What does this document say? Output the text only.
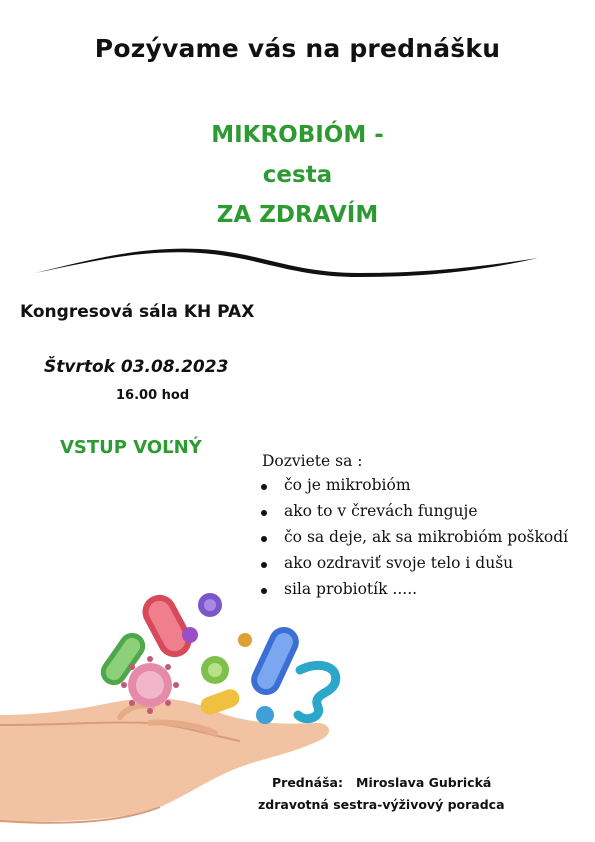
Pozývame vás na prednášku
MIKROBIÓM -
cesta
ZA ZDRAVÍM
Kongresová sála KH PAX
Štvrtok 03.08.2023
16.00 hod
VSTUP VOĽNÝ
Dozviete sa :
čo je mikrobióm
ako to v črevách funguje
čo sa deje, ak sa mikrobióm poškodí
ako ozdraviť svoje telo i dušu
sila probiotík .....
Prednáša: Miroslava Gubrická
zdravotná sestra-výživový poradca
